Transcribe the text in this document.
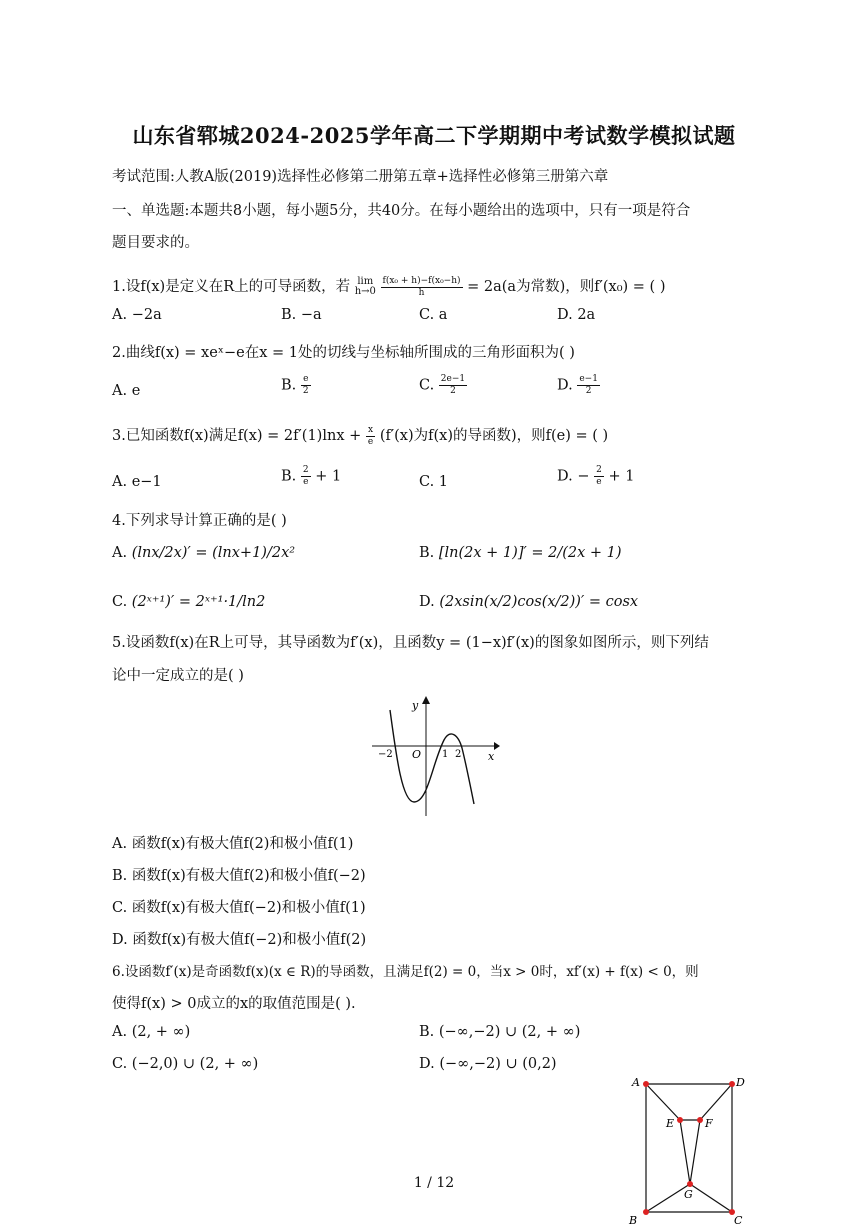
山东省郓城2024-2025学年高二下学期期中考试数学模拟试题
考试范围:人教A版(2019)选择性必修第二册第五章+选择性必修第三册第六章
一、单选题:本题共8小题，每小题5分，共40分。在每小题给出的选项中，只有一项是符合
题目要求的。
1.设f(x)是定义在R上的可导函数，若 lim
h→0
$\frac{\text{f(x₀ + h)−f(x₀−h)}}{h} = 2a(a$为常数)，则f′(x₀) = ( )
A. −2a	B. −a	C. a	D. 2a
2.曲线f(x) = xeˣ−e在x = 1处的切线与坐标轴所围成的三角形面积为( )
A. e	B. $\frac{e}{2}$	C. $\frac{2e-1}{2}$	D. $\frac{e-1}{2}$
3.已知函数f(x)满足$f(x) = 2f'(1)\ln x + \frac{x}{e} (f'(x)$为f(x)的导函数)，则f(e) = ( )
A. e−1	B. $\frac{2}{e} + 1$	C. 1	D. − $\frac{2}{e} + 1$
4.下列求导计算正确的是( )
A. (lnx/2x)′ = (lnx+1)/2x²	B. [ln(2x + 1)]′ = 2/(2x + 1)
C. (2ˣ⁺¹)′ = 2ˣ⁺¹·1/ln2	D. (2xsin(x/2)cos(x/2))′ = cosx
5.设函数f(x)在R上可导，其导函数为f′(x)，且函数y = (1−x)f′(x)的图象如图所示，则下列结
论中一定成立的是( )
y
x
O
−2	1 2
A. 函数f(x)有极大值f(2)和极小值f(1)
B. 函数f(x)有极大值f(2)和极小值f(−2)
C. 函数f(x)有极大值f(−2)和极小值f(1)
D. 函数f(x)有极大值f(−2)和极小值f(2)
6.设函数f′(x)是奇函数f(x)(x ∈ R)的导函数，且满足f(2) = 0，当x > 0时，xf′(x) + f(x) < 0，则
使得f(x) > 0成立的x的取值范围是( ).
A. (2, + ∞)	B. (−∞,−2) ∪ (2, + ∞)
C. (−2,0) ∪ (2, + ∞)	D. (−∞,−2) ∪ (0,2)
A	D
B	C
E	F
G
1 / 12
